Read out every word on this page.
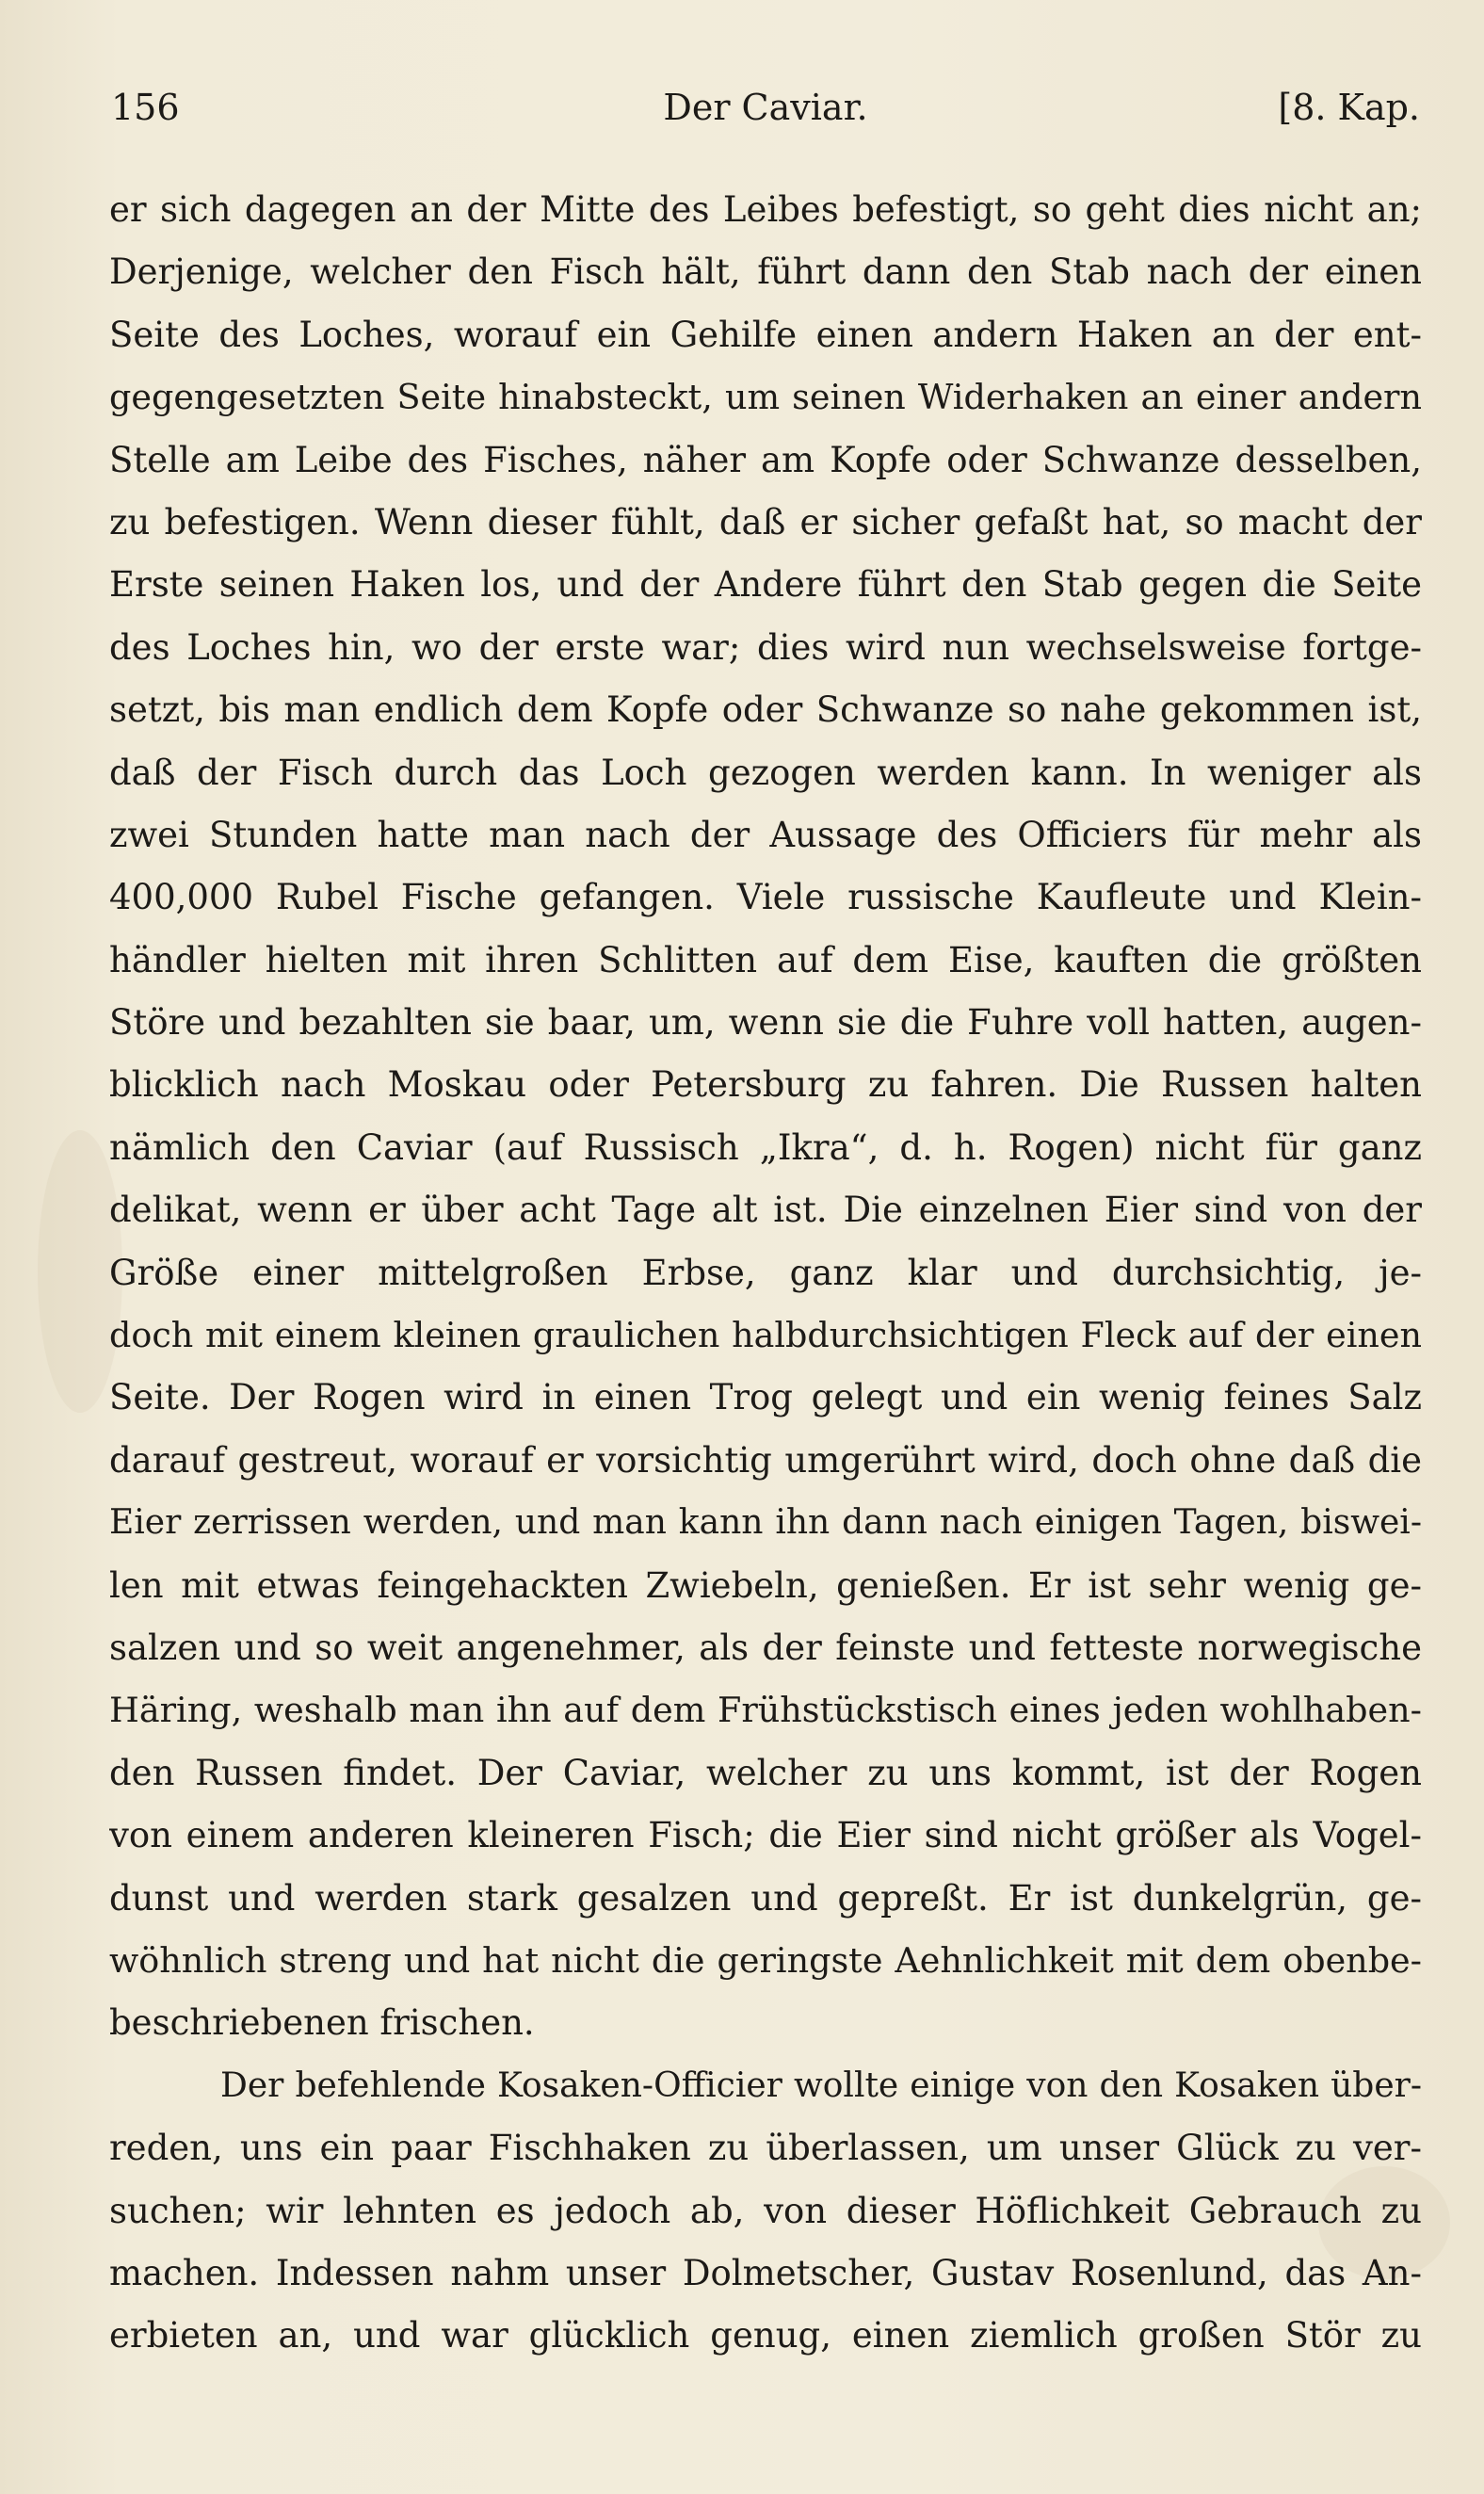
156	Der Caviar.	[8. Kap.
er sich dagegen an der Mitte des Leibes befestigt, so geht dies nicht an;
Derjenige, welcher den Fisch hält, führt dann den Stab nach der einen
Seite des Loches, worauf ein Gehilfe einen andern Haken an der ent-
gegengesetzten Seite hinabsteckt, um seinen Widerhaken an einer andern
Stelle am Leibe des Fisches, näher am Kopfe oder Schwanze desselben,
zu befestigen. Wenn dieser fühlt, daß er sicher gefaßt hat, so macht der
Erste seinen Haken los, und der Andere führt den Stab gegen die Seite
des Loches hin, wo der erste war; dies wird nun wechselsweise fortge-
setzt, bis man endlich dem Kopfe oder Schwanze so nahe gekommen ist,
daß der Fisch durch das Loch gezogen werden kann. In weniger als
zwei Stunden hatte man nach der Aussage des Officiers für mehr als
400,000 Rubel Fische gefangen. Viele russische Kaufleute und Klein-
händler hielten mit ihren Schlitten auf dem Eise, kauften die größten
Störe und bezahlten sie baar, um, wenn sie die Fuhre voll hatten, augen-
blicklich nach Moskau oder Petersburg zu fahren. Die Russen halten
nämlich den Caviar (auf Russisch „Ikra“, d. h. Rogen) nicht für ganz
delikat, wenn er über acht Tage alt ist. Die einzelnen Eier sind von der
Größe einer mittelgroßen Erbse, ganz klar und durchsichtig, je-
doch mit einem kleinen graulichen halbdurchsichtigen Fleck auf der einen
Seite. Der Rogen wird in einen Trog gelegt und ein wenig feines Salz
darauf gestreut, worauf er vorsichtig umgerührt wird, doch ohne daß die
Eier zerrissen werden, und man kann ihn dann nach einigen Tagen, biswei-
len mit etwas feingehackten Zwiebeln, genießen. Er ist sehr wenig ge-
salzen und so weit angenehmer, als der feinste und fetteste norwegische
Häring, weshalb man ihn auf dem Frühstückstisch eines jeden wohlhaben-
den Russen findet. Der Caviar, welcher zu uns kommt, ist der Rogen
von einem anderen kleineren Fisch; die Eier sind nicht größer als Vogel-
dunst und werden stark gesalzen und gepreßt. Er ist dunkelgrün, ge-
wöhnlich streng und hat nicht die geringste Aehnlichkeit mit dem obenbe-
beschriebenen frischen.
Der befehlende Kosaken-Officier wollte einige von den Kosaken über-
reden, uns ein paar Fischhaken zu überlassen, um unser Glück zu ver-
suchen; wir lehnten es jedoch ab, von dieser Höflichkeit Gebrauch zu
machen. Indessen nahm unser Dolmetscher, Gustav Rosenlund, das An-
erbieten an, und war glücklich genug, einen ziemlich großen Stör zu
